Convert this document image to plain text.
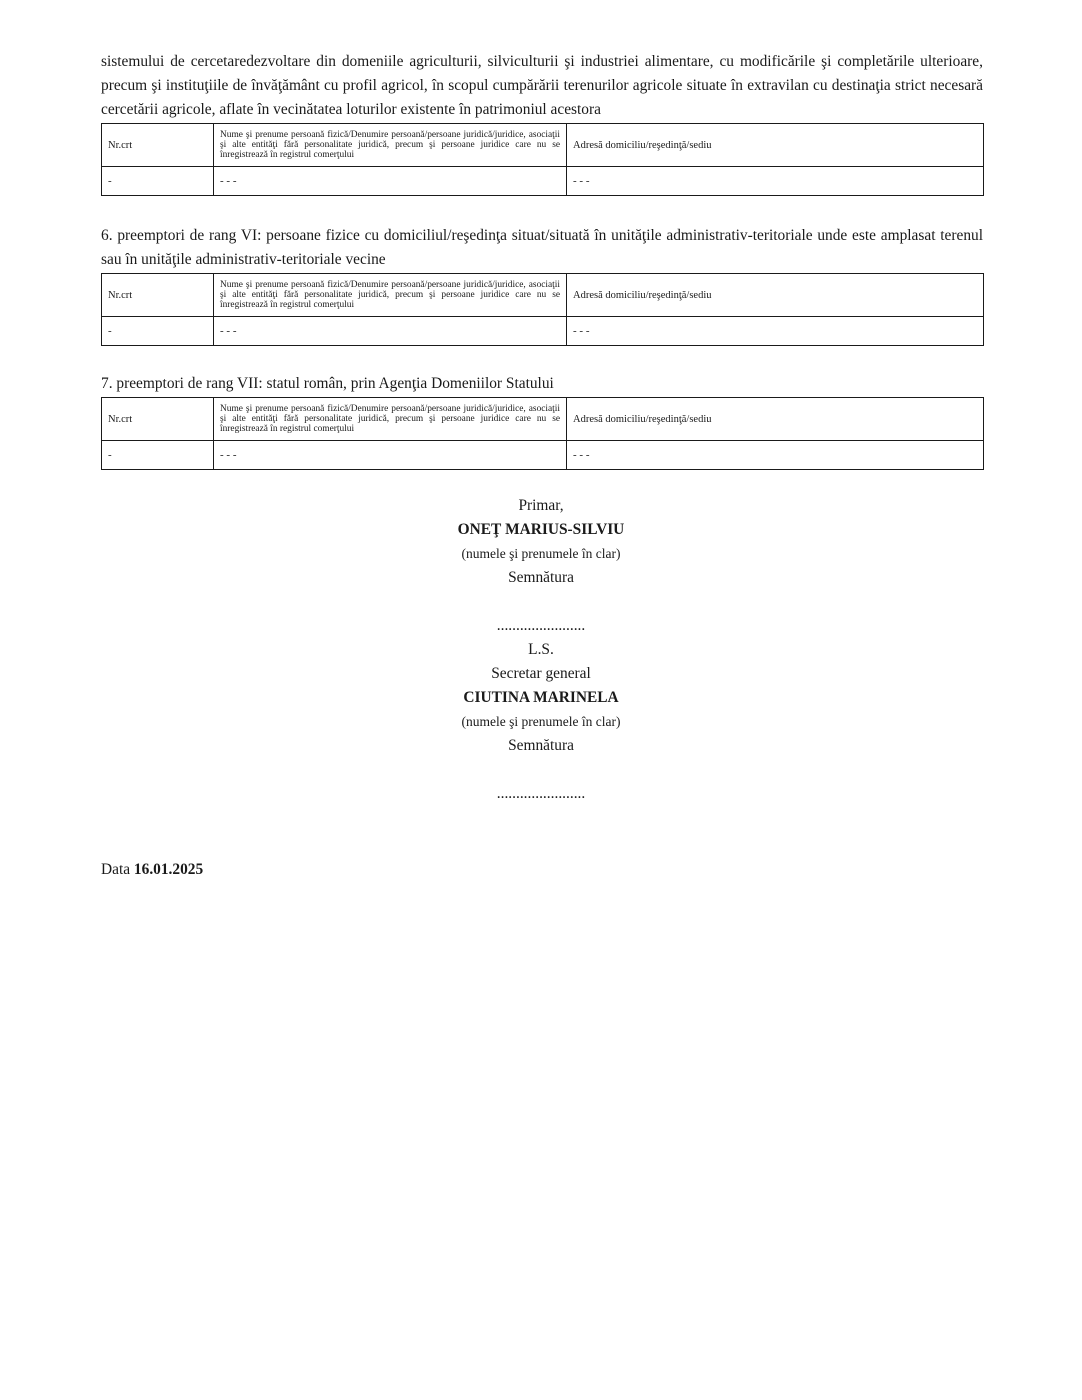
sistemului de cercetaredezvoltare din domeniile agriculturii, silviculturii şi industriei alimentare, cu modificările şi completările ulterioare, precum şi instituţiile de învăţământ cu profil agricol, în scopul cumpărării terenurilor agricole situate în extravilan cu destinaţia strict necesară cercetării agricole, aflate în vecinătatea loturilor existente în patrimoniul acestora

Nr.crt	Nume şi prenume persoană fizică/Denumire persoană/persoane juridică/juridice, asociaţii şi alte entităţi fără personalitate juridică, precum şi persoane juridice care nu se înregistrează în registrul comerţului	Adresă domiciliu/reşedinţă/sediu
-	- - -	- - -

6. preemptori de rang VI: persoane fizice cu domiciliul/reşedinţa situat/situată în unităţile administrativ-teritoriale unde este amplasat terenul sau în unităţile administrativ-teritoriale vecine

Nr.crt	Nume şi prenume persoană fizică/Denumire persoană/persoane juridică/juridice, asociaţii şi alte entităţi fără personalitate juridică, precum şi persoane juridice care nu se înregistrează în registrul comerţului	Adresă domiciliu/reşedinţă/sediu
-	- - -	- - -

7. preemptori de rang VII: statul român, prin Agenţia Domeniilor Statului

Nr.crt	Nume şi prenume persoană fizică/Denumire persoană/persoane juridică/juridice, asociaţii şi alte entităţi fără personalitate juridică, precum şi persoane juridice care nu se înregistrează în registrul comerţului	Adresă domiciliu/reşedinţă/sediu
-	- - -	- - -
Primar,
ONEŢ MARIUS-SILVIU
(numele şi prenumele în clar)
Semnătura

.......................
L.S.
Secretar general
CIUTINA MARINELA
(numele şi prenumele în clar)
Semnătura

.......................
Data 16.01.2025
